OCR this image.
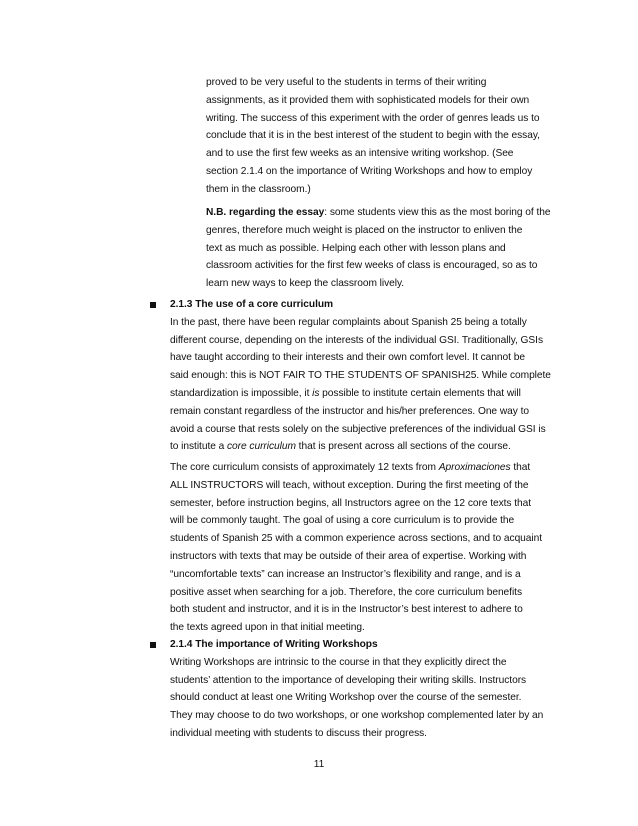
proved to be very useful to the students in terms of their writing
assignments, as it provided them with sophisticated models for their own
writing. The success of this experiment with the order of genres leads us to
conclude that it is in the best interest of the student to begin with the essay,
and to use the first few weeks as an intensive writing workshop. (See
section 2.1.4 on the importance of Writing Workshops and how to employ
them in the classroom.)
N.B. regarding the essay: some students view this as the most boring of the
genres, therefore much weight is placed on the instructor to enliven the
text as much as possible. Helping each other with lesson plans and
classroom activities for the first few weeks of class is encouraged, so as to
learn new ways to keep the classroom lively.
2.1.3 The use of a core curriculum
In the past, there have been regular complaints about Spanish 25 being a totally
different course, depending on the interests of the individual GSI. Traditionally, GSIs
have taught according to their interests and their own comfort level. It cannot be
said enough: this is NOT FAIR TO THE STUDENTS OF SPANISH25. While complete
standardization is impossible, it is possible to institute certain elements that will
remain constant regardless of the instructor and his/her preferences. One way to
avoid a course that rests solely on the subjective preferences of the individual GSI is
to institute a core curriculum that is present across all sections of the course.
The core curriculum consists of approximately 12 texts from Aproximaciones that
ALL INSTRUCTORS will teach, without exception. During the first meeting of the
semester, before instruction begins, all Instructors agree on the 12 core texts that
will be commonly taught. The goal of using a core curriculum is to provide the
students of Spanish 25 with a common experience across sections, and to acquaint
instructors with texts that may be outside of their area of expertise. Working with
“uncomfortable texts” can increase an Instructor’s flexibility and range, and is a
positive asset when searching for a job. Therefore, the core curriculum benefits
both student and instructor, and it is in the Instructor’s best interest to adhere to
the texts agreed upon in that initial meeting.
2.1.4 The importance of Writing Workshops
Writing Workshops are intrinsic to the course in that they explicitly direct the
students’ attention to the importance of developing their writing skills. Instructors
should conduct at least one Writing Workshop over the course of the semester.
They may choose to do two workshops, or one workshop complemented later by an
individual meeting with students to discuss their progress.
11
